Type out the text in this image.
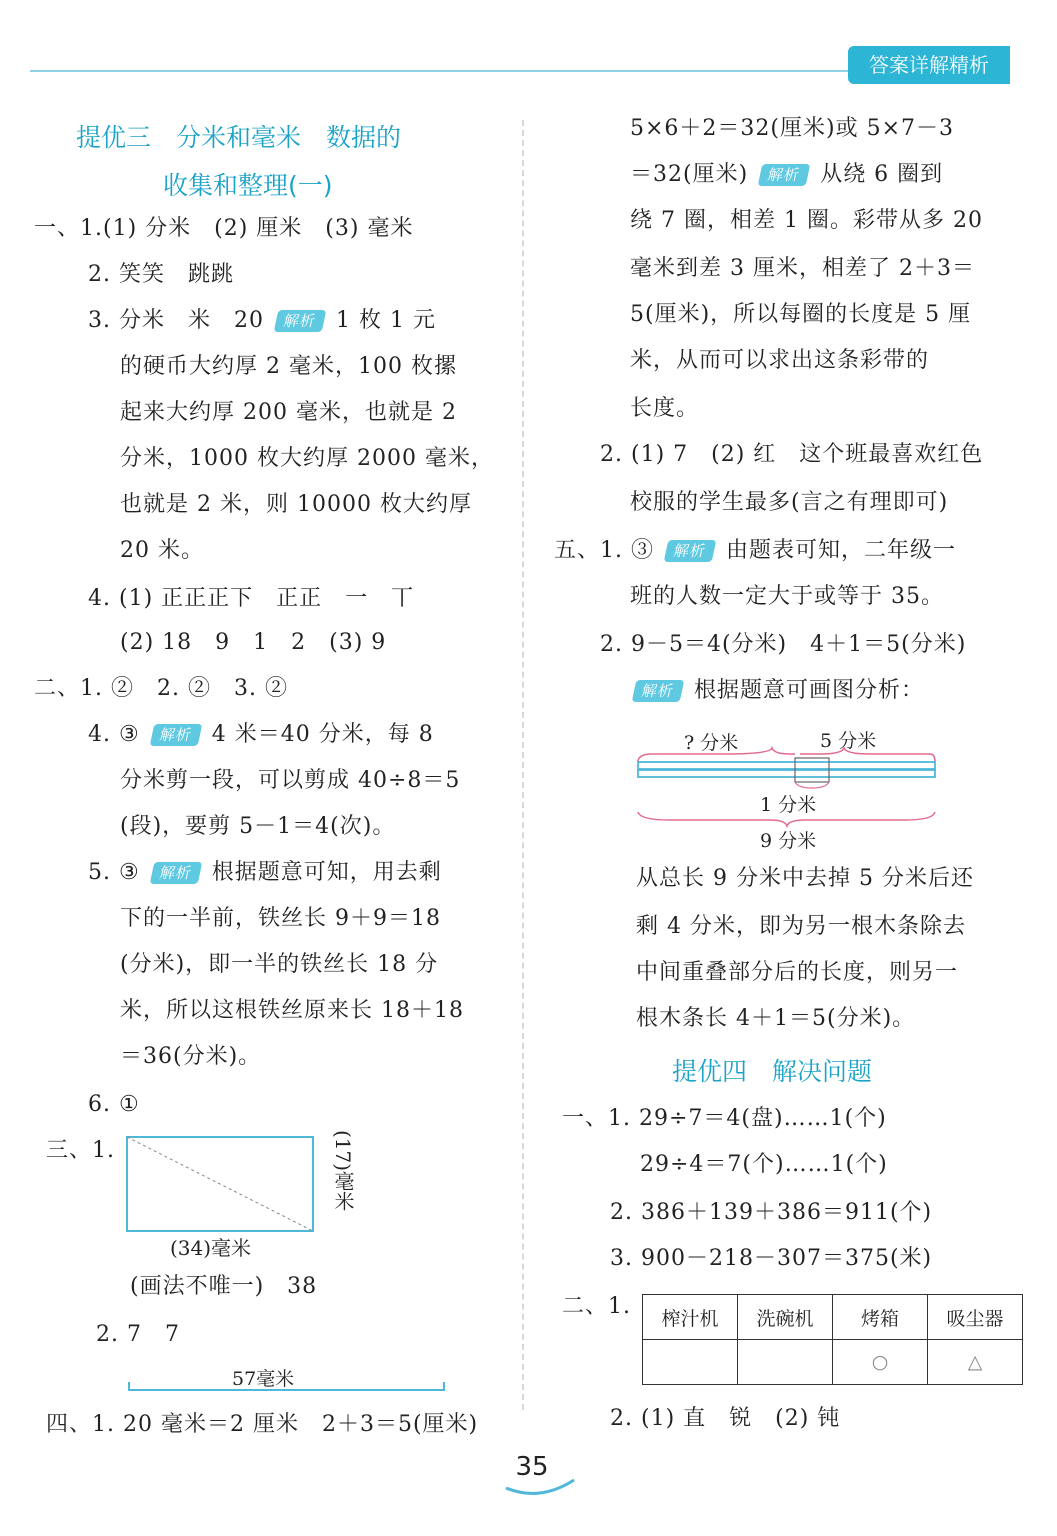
答案详解精析
提优三　分米和毫米　数据的
收集和整理(一)
一、1.(1) 分米　(2) 厘米　(3) 毫米
2. 笑笑　跳跳
3. 分米　米　20 解析 1 枚 1 元
的硬币大约厚 2 毫米，100 枚摞
起来大约厚 200 毫米，也就是 2
分米，1000 枚大约厚 2000 毫米，
也就是 2 米，则 10000 枚大约厚
20 米。
4. (1) 正正正下　正正　一　丅
(2) 18　9　1　2　(3) 9
二、1. ②　2. ②　3. ②
4. ③ 解析 4 米＝40 分米，每 8
分米剪一段，可以剪成 40÷8＝5
(段)，要剪 5－1＝4(次)。
5. ③ 解析 根据题意可知，用去剩
下的一半前，铁丝长 9＋9＝18
(分米)，即一半的铁丝长 18 分
米，所以这根铁丝原来长 18＋18
＝36(分米)。
6. ①
三、1.	(17)毫米
(34)毫米
(画法不唯一)　38
2. 7　7
57毫米
四、1. 20 毫米＝2 厘米　2＋3＝5(厘米)
5×6＋2＝32(厘米)或 5×7－3
＝32(厘米) 解析 从绕 6 圈到
绕 7 圈，相差 1 圈。彩带从多 20
毫米到差 3 厘米，相差了 2＋3＝
5(厘米)，所以每圈的长度是 5 厘
米，从而可以求出这条彩带的
长度。
2. (1) 7　(2) 红　这个班最喜欢红色
校服的学生最多(言之有理即可)
五、1. ③ 解析 由题表可知，二年级一
班的人数一定大于或等于 35。
2. 9－5＝4(分米)　4＋1＝5(分米)
解析 根据题意可画图分析：
? 分米	5 分米
1 分米
9 分米
从总长 9 分米中去掉 5 分米后还
剩 4 分米，即为另一根木条除去
中间重叠部分后的长度，则另一
根木条长 4＋1＝5(分米)。
提优四　解决问题
一、1. 29÷7＝4(盘)……1(个)
29÷4＝7(个)……1(个)
2. 386＋139＋386＝911(个)
3. 900－218－307＝375(米)
二、1. 榨汁机	洗碗机	烤箱	吸尘器
		○	△
2. (1) 直　锐　(2) 钝
35
